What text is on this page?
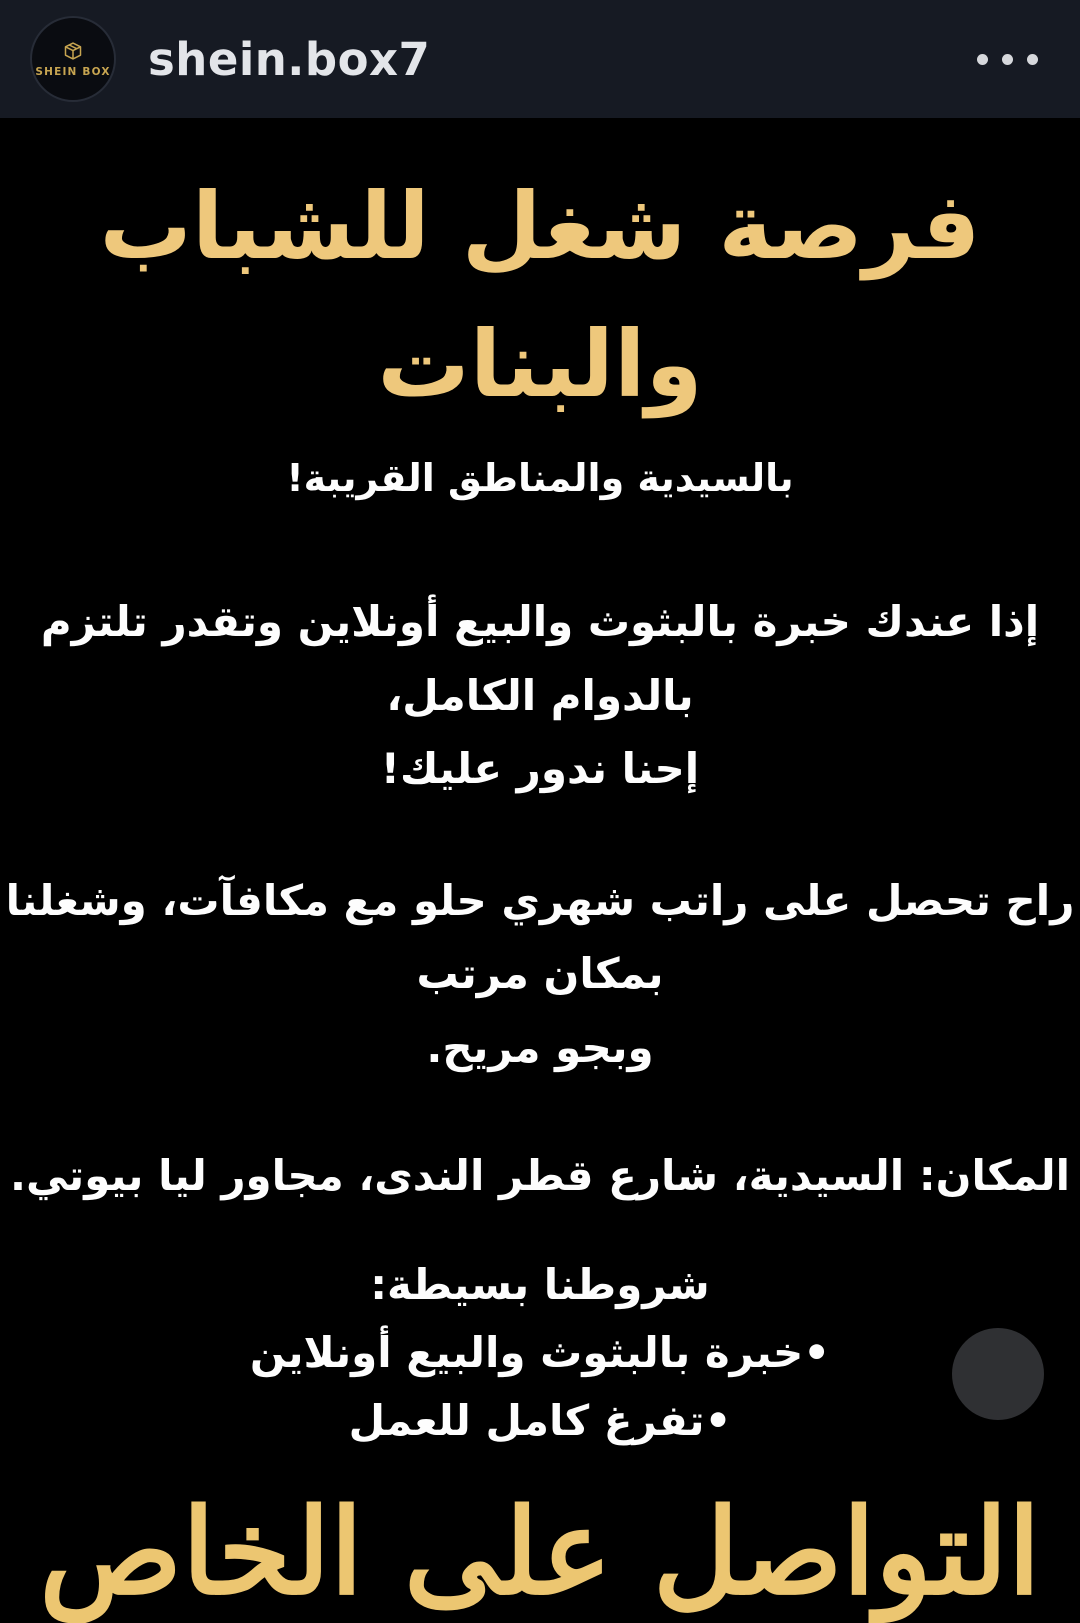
SHEIN BOX shein.box7
فرصة شغل للشباب والبنات
بالسيدية والمناطق القريبة!
إذا عندك خبرة بالبثوث والبيع أونلاين وتقدر تلتزم بالدوام الكامل،
إحنا ندور عليك!
راح تحصل على راتب شهري حلو مع مكافآت، وشغلنا بمكان مرتب
وبجو مريح.
المكان: السيدية، شارع قطر الندى، مجاور ليا بيوتي.
شروطنا بسيطة:
•خبرة بالبثوث والبيع أونلاين
•تفرغ كامل للعمل
التواصل على الخاص
